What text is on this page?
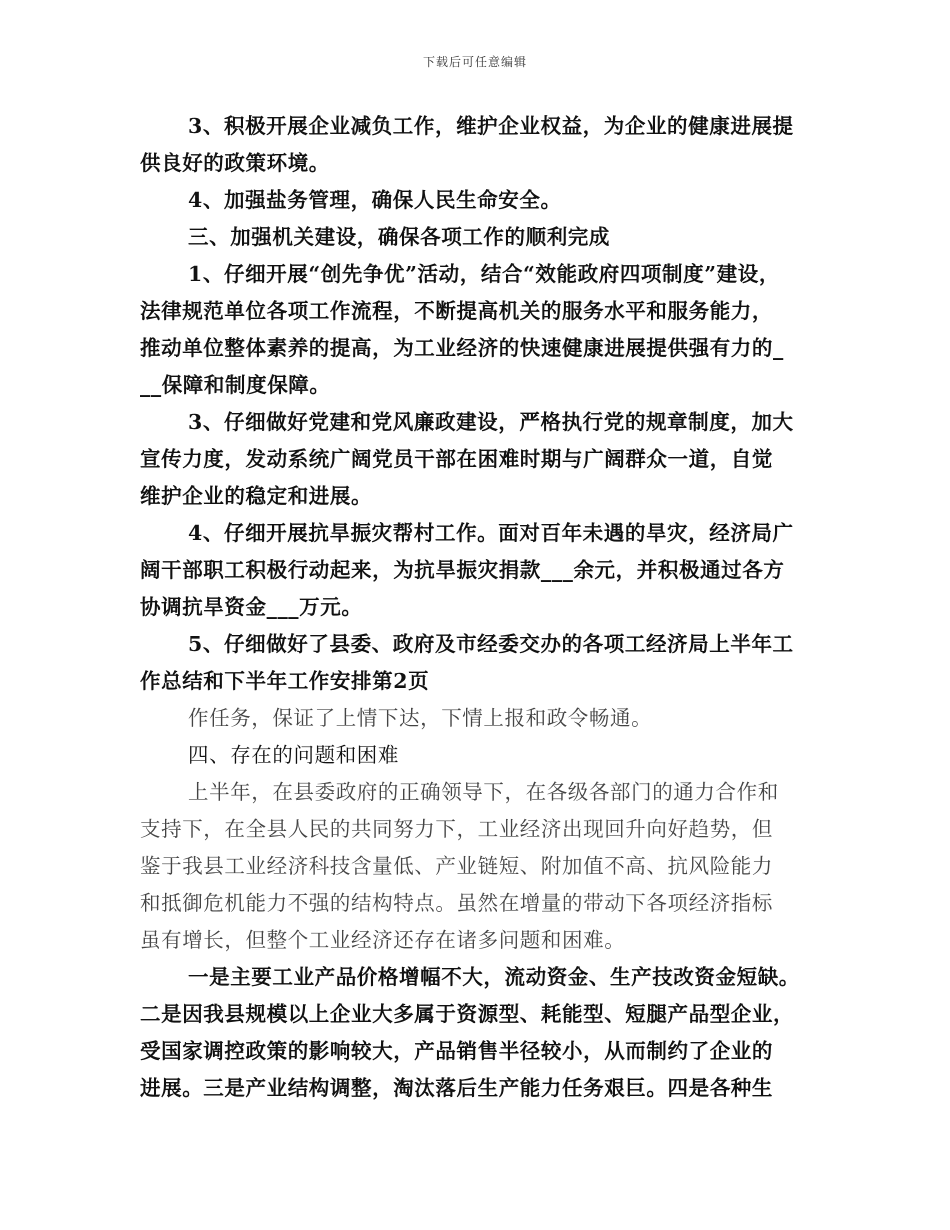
下载后可任意编辑
3、积极开展企业减负工作，维护企业权益，为企业的健康进展提
供良好的政策环境。
4、加强盐务管理，确保人民生命安全。
三、加强机关建设，确保各项工作的顺利完成
1、仔细开展“创先争优”活动，结合“效能政府四项制度”建设，
法律规范单位各项工作流程，不断提高机关的服务水平和服务能力，
推动单位整体素养的提高，为工业经济的快速健康进展提供强有力的_
__保障和制度保障。
3、仔细做好党建和党风廉政建设，严格执行党的规章制度，加大
宣传力度，发动系统广阔党员干部在困难时期与广阔群众一道，自觉
维护企业的稳定和进展。
4、仔细开展抗旱振灾帮村工作。面对百年未遇的旱灾，经济局广
阔干部职工积极行动起来，为抗旱振灾捐款___余元，并积极通过各方
协调抗旱资金___万元。
5、仔细做好了县委、政府及市经委交办的各项工经济局上半年工
作总结和下半年工作安排第2页
作任务，保证了上情下达，下情上报和政令畅通。
四、存在的问题和困难
上半年，在县委政府的正确领导下，在各级各部门的通力合作和
支持下，在全县人民的共同努力下，工业经济出现回升向好趋势，但
鉴于我县工业经济科技含量低、产业链短、附加值不高、抗风险能力
和抵御危机能力不强的结构特点。虽然在增量的带动下各项经济指标
虽有增长，但整个工业经济还存在诸多问题和困难。
一是主要工业产品价格增幅不大，流动资金、生产技改资金短缺。
二是因我县规模以上企业大多属于资源型、耗能型、短腿产品型企业，
受国家调控政策的影响较大，产品销售半径较小，从而制约了企业的
进展。三是产业结构调整，淘汰落后生产能力任务艰巨。四是各种生
